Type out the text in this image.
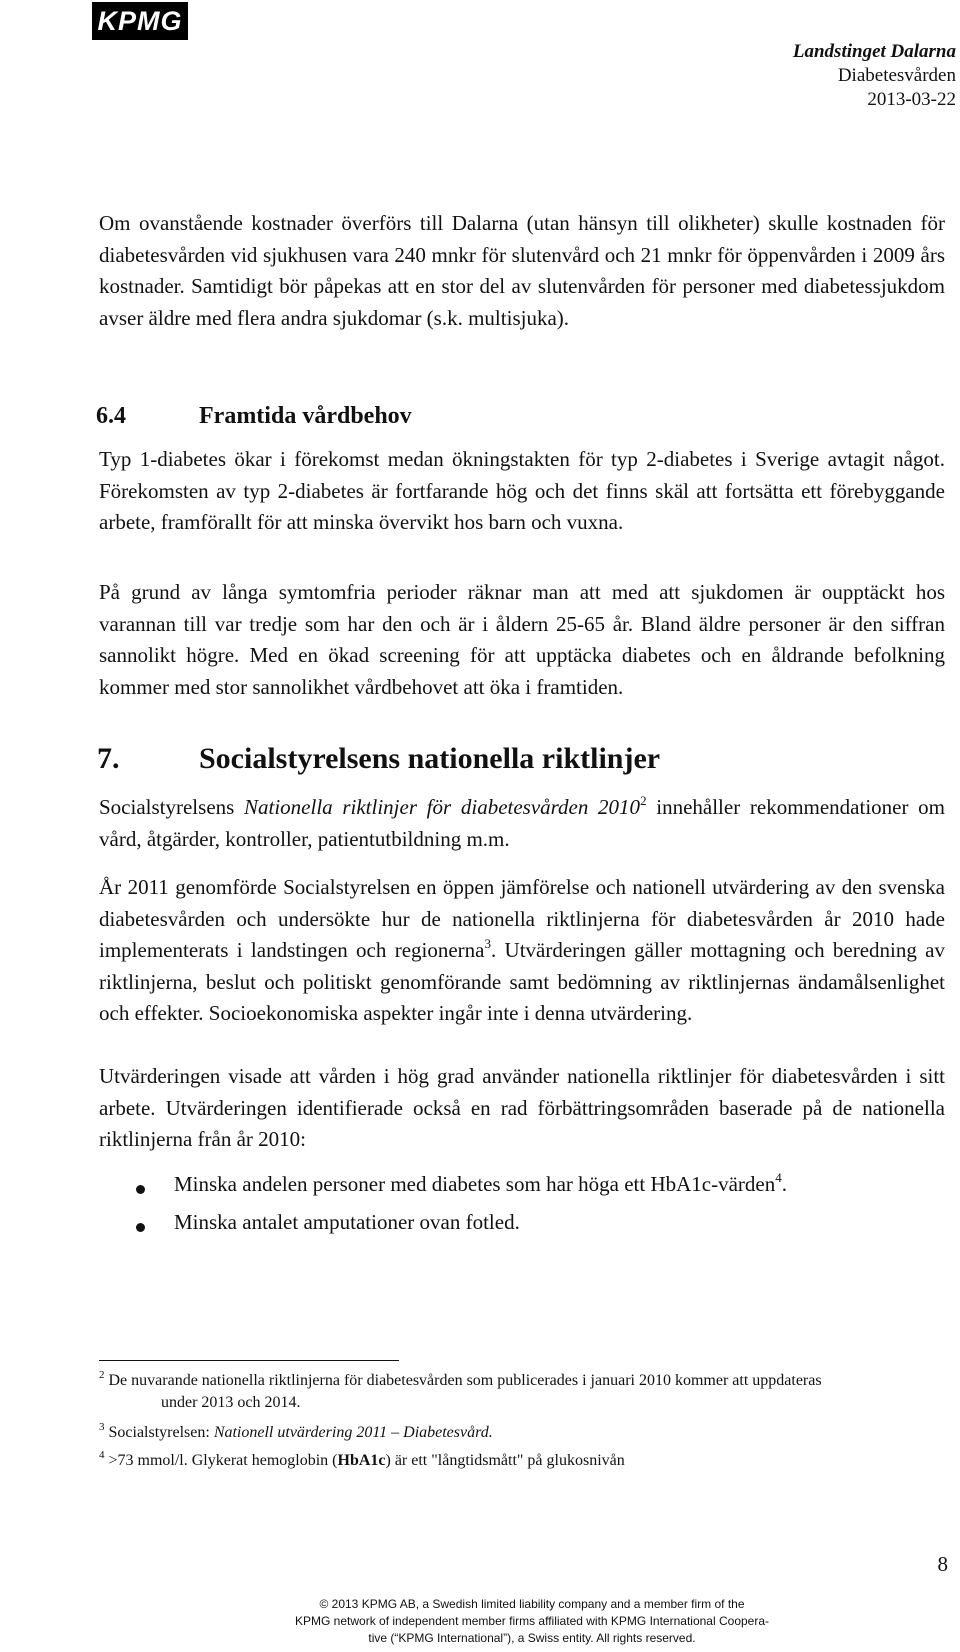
KPMG
Landstinget Dalarna
Diabetesvården
2013-03-22

Om ovanstående kostnader överförs till Dalarna (utan hänsyn till olikheter) skulle kostnaden för diabetesvården vid sjukhusen vara 240 mnkr för slutenvård och 21 mnkr för öppenvården i 2009 års kostnader. Samtidigt bör påpekas att en stor del av slutenvården för personer med diabetessjukdom avser äldre med flera andra sjukdomar (s.k. multisjuka).

6.4	Framtida vårdbehov

Typ 1-diabetes ökar i förekomst medan ökningstakten för typ 2-diabetes i Sverige avtagit något. Förekomsten av typ 2-diabetes är fortfarande hög och det finns skäl att fortsätta ett förebyggande arbete, framförallt för att minska övervikt hos barn och vuxna.

På grund av långa symtomfria perioder räknar man att med att sjukdomen är oupptäckt hos varannan till var tredje som har den och är i åldern 25-65 år. Bland äldre personer är den siffran sannolikt högre. Med en ökad screening för att upptäcka diabetes och en åldrande befolkning kommer med stor sannolikhet vårdbehovet att öka i framtiden.

7.	Socialstyrelsens nationella riktlinjer

Socialstyrelsens Nationella riktlinjer för diabetesvården 2010$^2$ innehåller rekommendationer om vård, åtgärder, kontroller, patientutbildning m.m.

År 2011 genomförde Socialstyrelsen en öppen jämförelse och nationell utvärdering av den svenska diabetesvården och undersökte hur de nationella riktlinjerna för diabetesvården år 2010 hade implementerats i landstingen och regionerna$^3$. Utvärderingen gäller mottagning och beredning av riktlinjerna, beslut och politiskt genomförande samt bedömning av riktlinjernas ändamålsenlighet och effekter. Socioekonomiska aspekter ingår inte i denna utvärdering.

Utvärderingen visade att vården i hög grad använder nationella riktlinjer för diabetesvården i sitt arbete. Utvärderingen identifierade också en rad förbättringsområden baserade på de nationella riktlinjerna från år 2010:

Minska andelen personer med diabetes som har höga ett HbA1c-värden$^4$.
Minska antalet amputationer ovan fotled.
$^2$ De nuvarande nationella riktlinjerna för diabetesvården som publicerades i januari 2010 kommer att uppdateras
under 2013 och 2014.
$^3$ Socialstyrelsen: Nationell utvärdering 2011 – Diabetesvård.
$^4$ >73 mmol/l. Glykerat hemoglobin (HbA1c) är ett "långtidsmått" på glukosnivån
8
© 2013 KPMG AB, a Swedish limited liability company and a member firm of the
KPMG network of independent member firms affiliated with KPMG International Coopera-
tive (“KPMG International”), a Swiss entity. All rights reserved.
